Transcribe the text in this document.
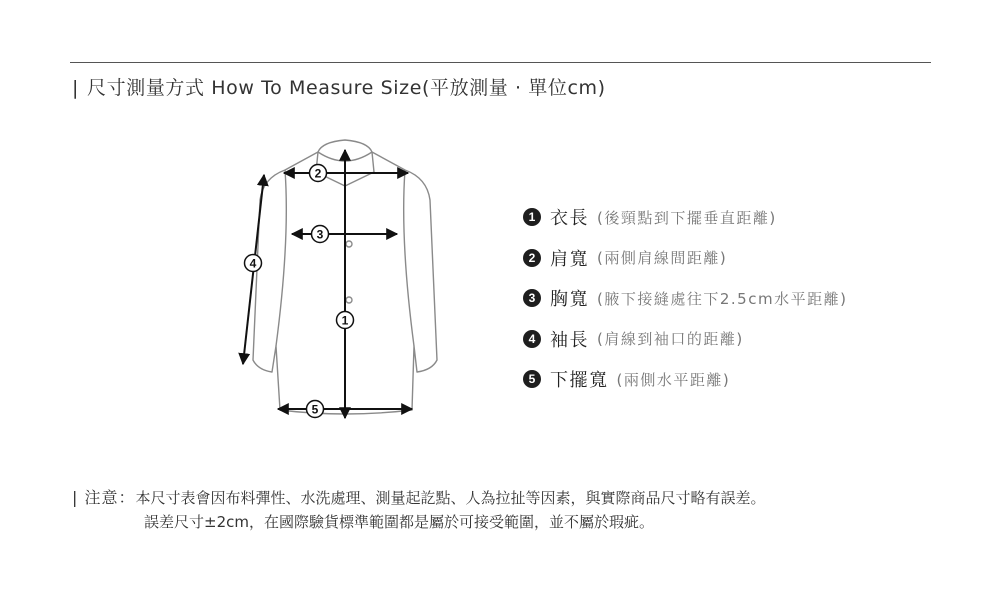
| 尺寸測量方式 How To Measure Size(平放測量 · 單位cm)
2
3
4
1
5
1 衣長 (後頸點到下擺垂直距離)
2 肩寬 (兩側肩線間距離)
3 胸寬 (腋下接縫處往下2.5cm水平距離)
4 袖長 (肩線到袖口的距離)
5 下擺寬 (兩側水平距離)
| 注意：本尺寸表會因布料彈性、水洗處理、測量起訖點、人為拉扯等因素，與實際商品尺寸略有誤差。
誤差尺寸±2cm，在國際驗貨標準範圍都是屬於可接受範圍，並不屬於瑕疵。
